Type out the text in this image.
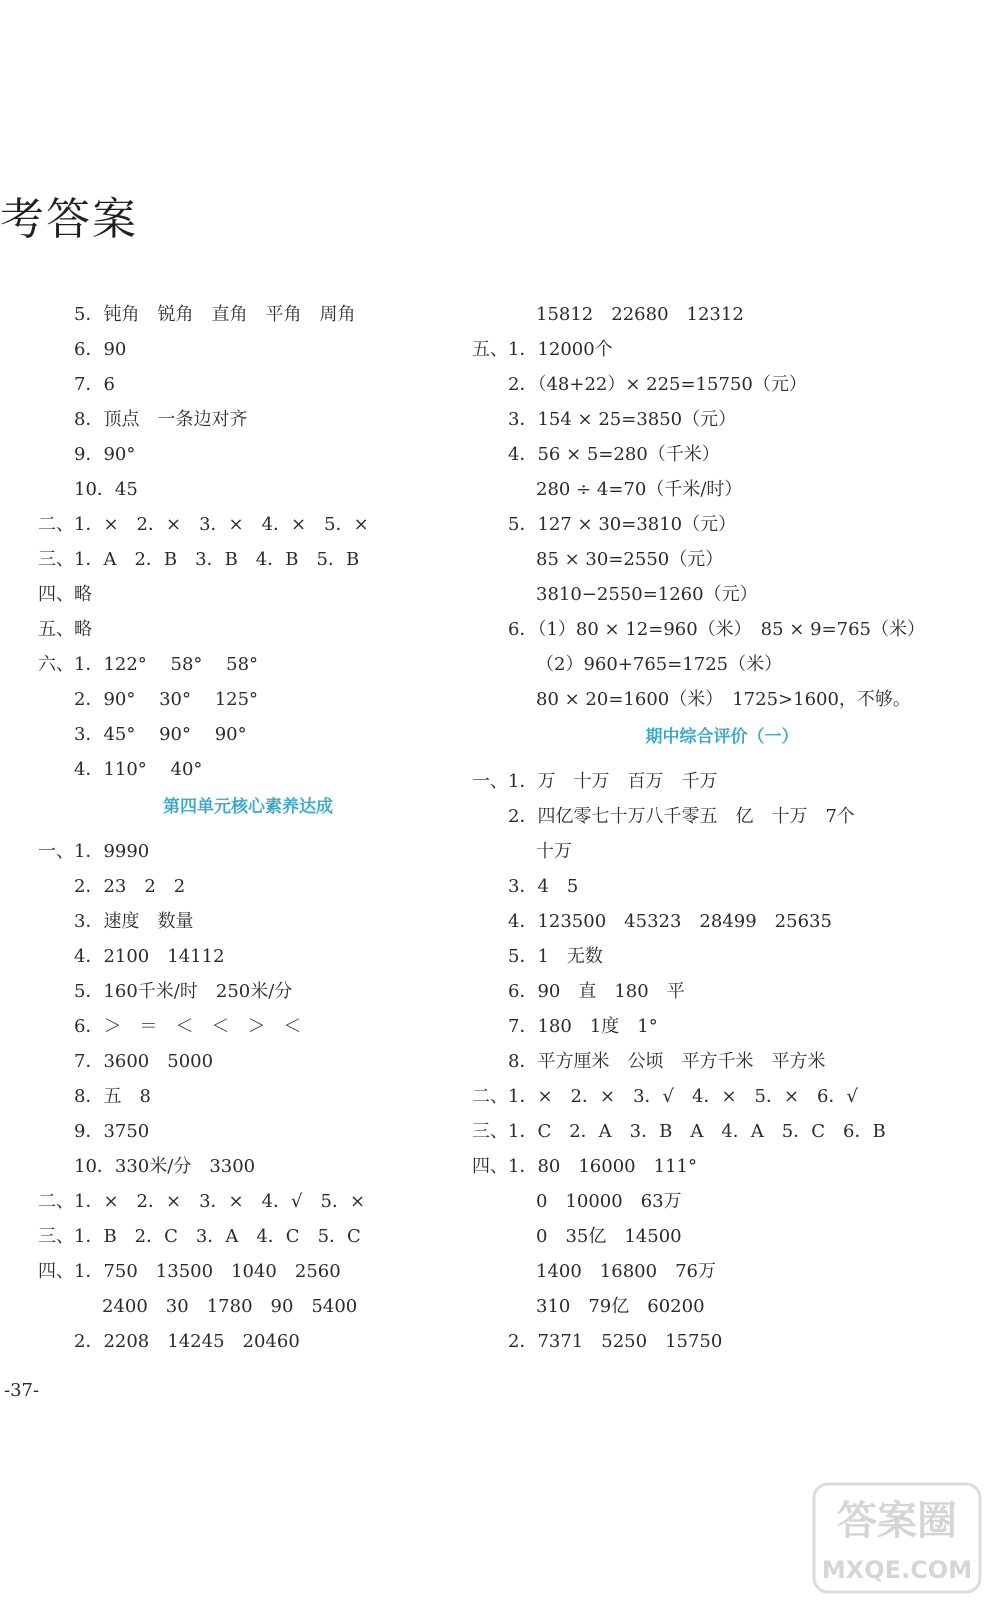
考答案
5．钝角　锐角　直角　平角　周角
6．90
7．6
8．顶点　一条边对齐
9．90°
10．45
二、1．×　2．×　3．×　4．×　5．×
三、1．A　2．B　3．B　4．B　5．B
四、略
五、略
六、1．122°　 58°　 58°
2．90°　 30°　 125°
3．45°　 90°　 90°
4．110°　 40°
第四单元核心素养达成
一、1．9990
2．23　2　2
3．速度　数量
4．2100　14112
5．160千米/时　250米/分
6．＞　＝　＜　＜　＞　＜
7．3600　5000
8．五　8
9．3750
10．330米/分　3300
二、1．×　2．×　3．×　4．√　5．×
三、1．B　2．C　3．A　4．C　5．C
四、1．750　13500　1040　2560
2400　30　1780　90　5400
2．2208　14245　20460
15812　22680　12312
五、1．12000个
2．（48+22）× 225=15750（元）
3．154 × 25=3850（元）
4．56 × 5=280（千米）
280 ÷ 4=70（千米/时）
5．127 × 30=3810（元）
85 × 30=2550（元）
3810−2550=1260（元）
6．（1）80 × 12=960（米）　85 × 9=765（米）
（2）960+765=1725（米）
80 × 20=1600（米）　1725>1600，不够。
期中综合评价（一）
一、1．万　十万　百万　千万
2．四亿零七十万八千零五　亿　十万　7个
十万
3．4　5
4．123500　45323　28499　25635
5．1　无数
6．90　直　180　平
7．180　1度　1°
8．平方厘米　公顷　平方千米　平方米
二、1．×　2．×　3．√　4．×　5．×　6．√
三、1．C　2．A　3．B　A　4．A　5．C　6．B
四、1．80　16000　111°
0　10000　63万
0　35亿　14500
1400　16800　76万
310　79亿　60200
2．7371　5250　15750
-37-
答案圈
MXQE.COM
